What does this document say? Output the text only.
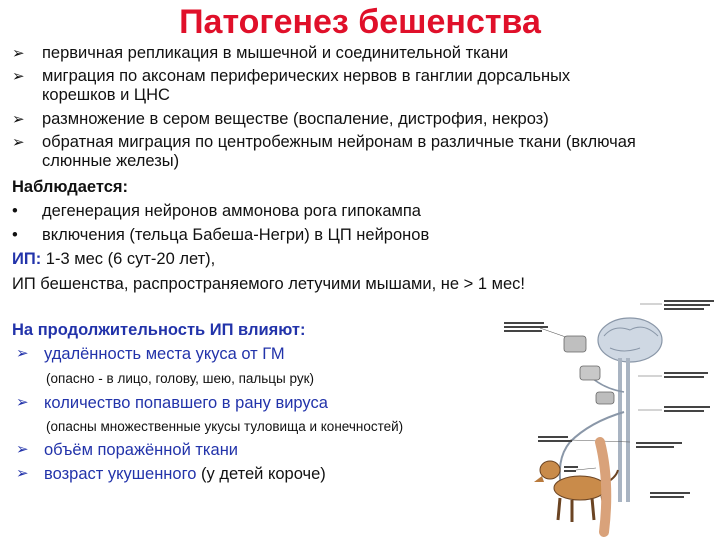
Патогенез бешенства
➢	первичная репликация в мышечной и соединительной ткани
➢	миграция по аксонам периферических нервов в ганглии дорсальных
корешков и ЦНС
➢	размножение в сером веществе (воспаление, дистрофия, некроз)
➢	обратная миграция по центробежным нейронам в различные ткани (включая
слюнные железы)
Наблюдается:
• дегенерация нейронов аммонова рога гипокампа
• включения (тельца Бабеша-Негри) в ЦП нейронов
ИП: 1-3 мес (6 сут-20 лет),
ИП бешенства, распространяемого летучими мышами, не > 1 мес!
На продолжительность ИП влияют:
➢ удалённость места укуса от ГМ
(опасно - в лицо, голову, шею, пальцы рук)
➢ количество попавшего в рану вируса
(опасны множественные укусы туловища и конечностей)
➢ объём поражённой ткани
➢ возраст укушенного (у детей короче)
